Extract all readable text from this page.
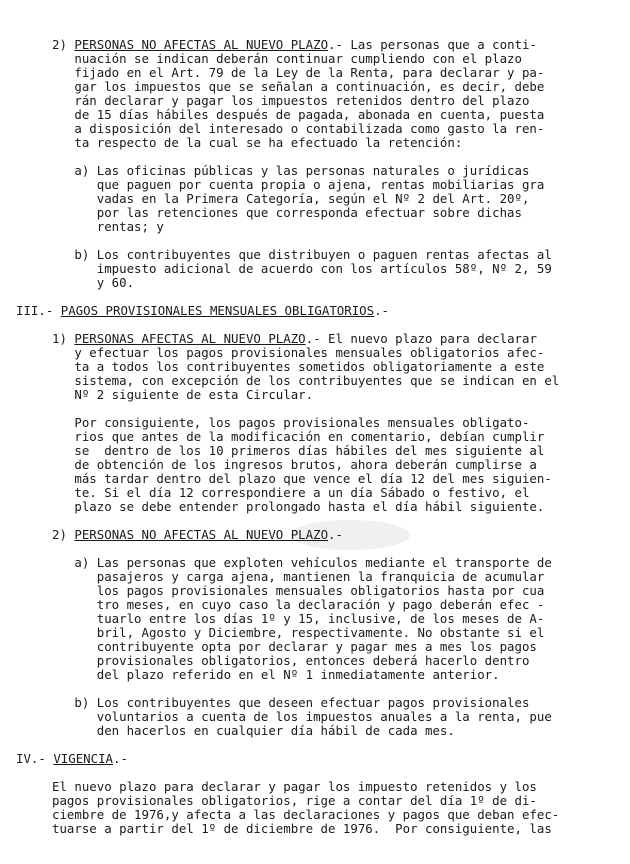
2) PERSONAS NO AFECTAS AL NUEVO PLAZO.- Las personas que a conti-
nuación se indican deberán continuar cumpliendo con el plazo
fijado en el Art. 79 de la Ley de la Renta, para declarar y pa-
gar los impuestos que se señalan a continuación, es decir, debe
rán declarar y pagar los impuestos retenidos dentro del plazo
de 15 días hábiles después de pagada, abonada en cuenta, puesta
a disposición del interesado o contabilizada como gasto la ren-
ta respecto de la cual se ha efectuado la retención:
a) Las oficinas públicas y las personas naturales o jurídicas
que paguen por cuenta propia o ajena, rentas mobiliarias gra
vadas en la Primera Categoría, según el Nº 2 del Art. 20º,
por las retenciones que corresponda efectuar sobre dichas
rentas; y
b) Los contribuyentes que distribuyen o paguen rentas afectas al
impuesto adicional de acuerdo con los artículos 58º, Nº 2, 59
y 60.
III.- PAGOS PROVISIONALES MENSUALES OBLIGATORIOS.-
1) PERSONAS AFECTAS AL NUEVO PLAZO.- El nuevo plazo para declarar
y efectuar los pagos provisionales mensuales obligatorios afec-
ta a todos los contribuyentes sometidos obligatoriamente a este
sistema, con excepción de los contribuyentes que se indican en el
Nº 2 siguiente de esta Circular.
Por consiguiente, los pagos provisionales mensuales obligato-
rios que antes de la modificación en comentario, debían cumplir
se  dentro de los 10 primeros días hábiles del mes siguiente al
de obtención de los ingresos brutos, ahora deberán cumplirse a
más tardar dentro del plazo que vence el día 12 del mes siguien-
te. Si el día 12 correspondiere a un día Sábado o festivo, el
plazo se debe entender prolongado hasta el día hábil siguiente.
2) PERSONAS NO AFECTAS AL NUEVO PLAZO.-
a) Las personas que exploten vehículos mediante el transporte de
pasajeros y carga ajena, mantienen la franquicia de acumular
los pagos provisionales mensuales obligatorios hasta por cua
tro meses, en cuyo caso la declaración y pago deberán efec -
tuarlo entre los días 1º y 15, inclusive, de los meses de A-
bril, Agosto y Diciembre, respectivamente. No obstante si el
contribuyente opta por declarar y pagar mes a mes los pagos
provisionales obligatorios, entonces deberá hacerlo dentro
del plazo referido en el Nº 1 inmediatamente anterior.
b) Los contribuyentes que deseen efectuar pagos provisionales
voluntarios a cuenta de los impuestos anuales a la renta, pue
den hacerlos en cualquier día hábil de cada mes.
IV.- VIGENCIA.-
El nuevo plazo para declarar y pagar los impuesto retenidos y los
pagos provisionales obligatorios, rige a contar del día 1º de di-
ciembre de 1976,y afecta a las declaraciones y pagos que deban efec-
tuarse a partir del 1º de diciembre de 1976.  Por consiguiente, las
